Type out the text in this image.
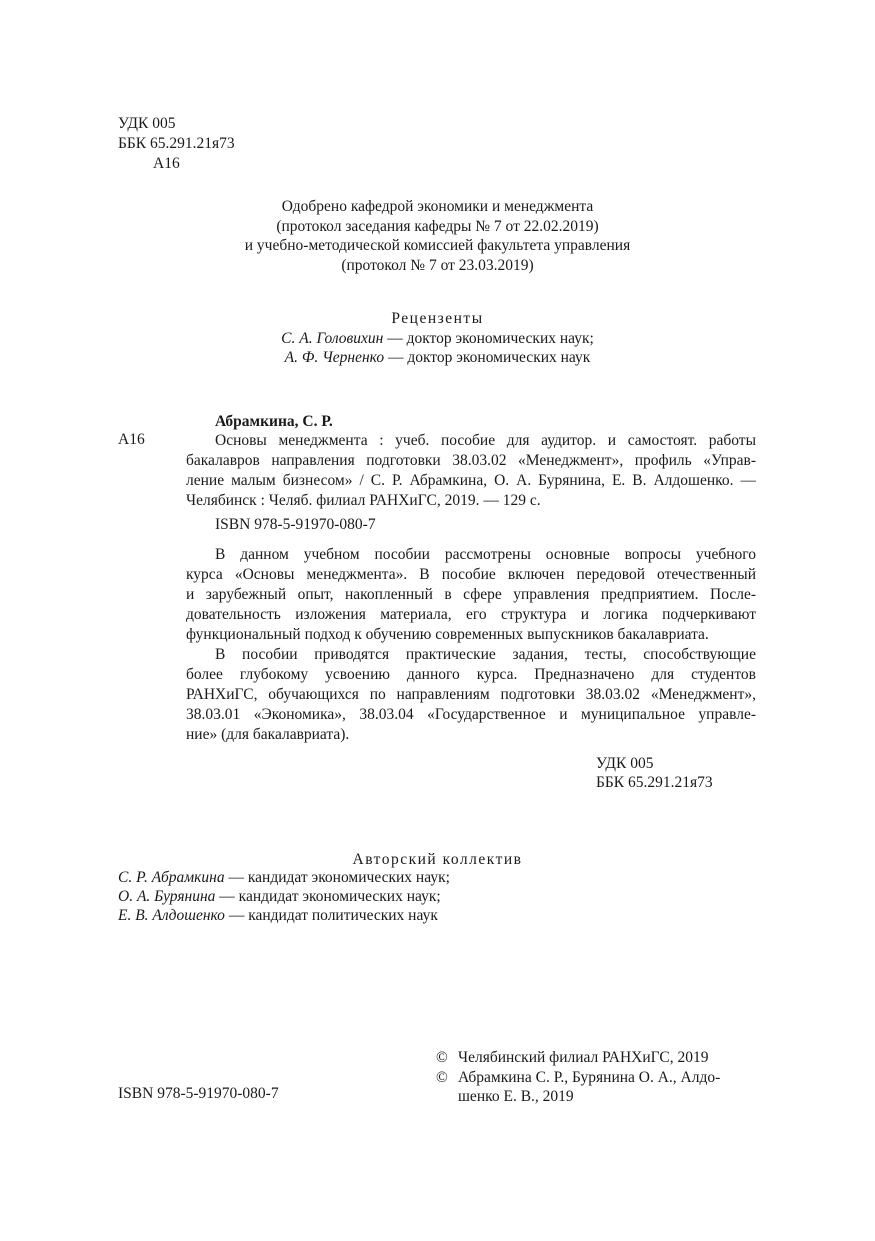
УДК 005
ББК 65.291.21я73
А16
Одобрено кафедрой экономики и менеджмента
(протокол заседания кафедры № 7 от 22.02.2019)
и учебно-методической комиссией факультета управления
(протокол № 7 от 23.03.2019)
Рецензенты
С. А. Головихин — доктор экономических наук;
А. Ф. Черненко — доктор экономических наук
Абрамкина, С. Р.
А16	Основы менеджмента : учеб. пособие для аудитор. и самостоят. работы
бакалавров направления подготовки 38.03.02 «Менеджмент», профиль «Управ-
ление малым бизнесом» / С. Р. Абрамкина, О. А. Бурянина, Е. В. Алдошенко. —
Челябинск : Челяб. филиал РАНХиГС, 2019. — 129 с.
ISBN 978-5-91970-080-7
В данном учебном пособии рассмотрены основные вопросы учебного
курса «Основы менеджмента». В пособие включен передовой отечественный
и зарубежный опыт, накопленный в сфере управления предприятием. После-
довательность изложения материала, его структура и логика подчеркивают
функциональный подход к обучению современных выпускников бакалавриата.
В пособии приводятся практические задания, тесты, способствующие
более глубокому усвоению данного курса. Предназначено для студентов
РАНХиГС, обучающихся по направлениям подготовки 38.03.02 «Менеджмент»,
38.03.01 «Экономика», 38.03.04 «Государственное и муниципальное управле-
ние» (для бакалавриата).
УДК 005
ББК 65.291.21я73
Авторский коллектив
С. Р. Абрамкина — кандидат экономических наук;
О. А. Бурянина — кандидат экономических наук;
Е. В. Алдошенко — кандидат политических наук
ISBN 978-5-91970-080-7
© Челябинский филиал РАНХиГС, 2019
© Абрамкина С. Р., Бурянина О. А., Алдо-
шенко Е. В., 2019
